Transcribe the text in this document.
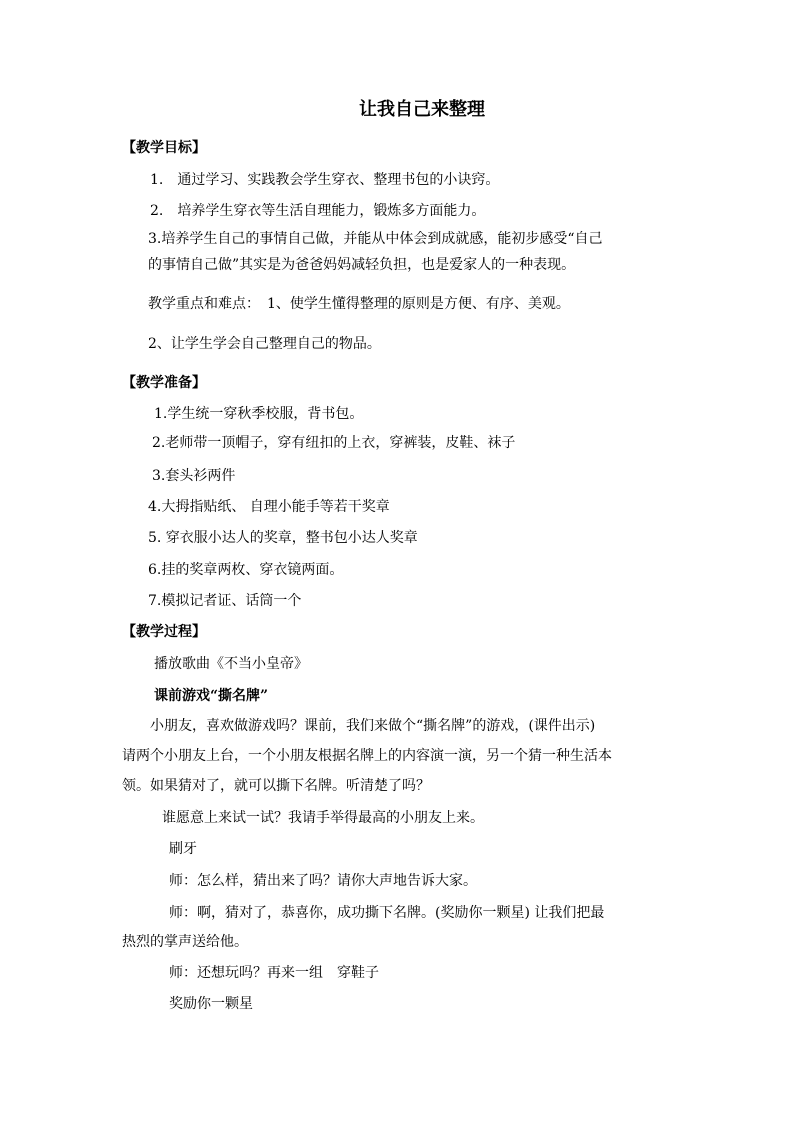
让我自己来整理
【教学目标】
1.　通过学习、实践教会学生穿衣、整理书包的小诀窍。
2.　培养学生穿衣等生活自理能力，锻炼多方面能力。
3.培养学生自己的事情自己做，并能从中体会到成就感，能初步感受“自己
的事情自己做”其实是为爸爸妈妈减轻负担，也是爱家人的一种表现。
教学重点和难点：　1、使学生懂得整理的原则是方便、有序、美观。
2、让学生学会自己整理自己的物品。
【教学准备】
1.学生统一穿秋季校服，背书包。
2.老师带一顶帽子，穿有纽扣的上衣，穿裤装，皮鞋、袜子
3.套头衫两件
4.大拇指贴纸、 自理小能手等若干奖章
5. 穿衣服小达人的奖章，整书包小达人奖章
6.挂的奖章两枚、穿衣镜两面。
7.模拟记者证、话筒一个
【教学过程】
播放歌曲《不当小皇帝》
课前游戏“撕名牌”
小朋友，喜欢做游戏吗？课前，我们来做个“撕名牌”的游戏，(课件出示)
请两个小朋友上台，一个小朋友根据名牌上的内容演一演，另一个猜一种生活本
领。如果猜对了，就可以撕下名牌。听清楚了吗？
谁愿意上来试一试？我请手举得最高的小朋友上来。
刷牙
师：怎么样，猜出来了吗？请你大声地告诉大家。
师：啊，猜对了，恭喜你，成功撕下名牌。(奖励你一颗星) 让我们把最
热烈的掌声送给他。
师：还想玩吗？再来一组　穿鞋子
奖励你一颗星
